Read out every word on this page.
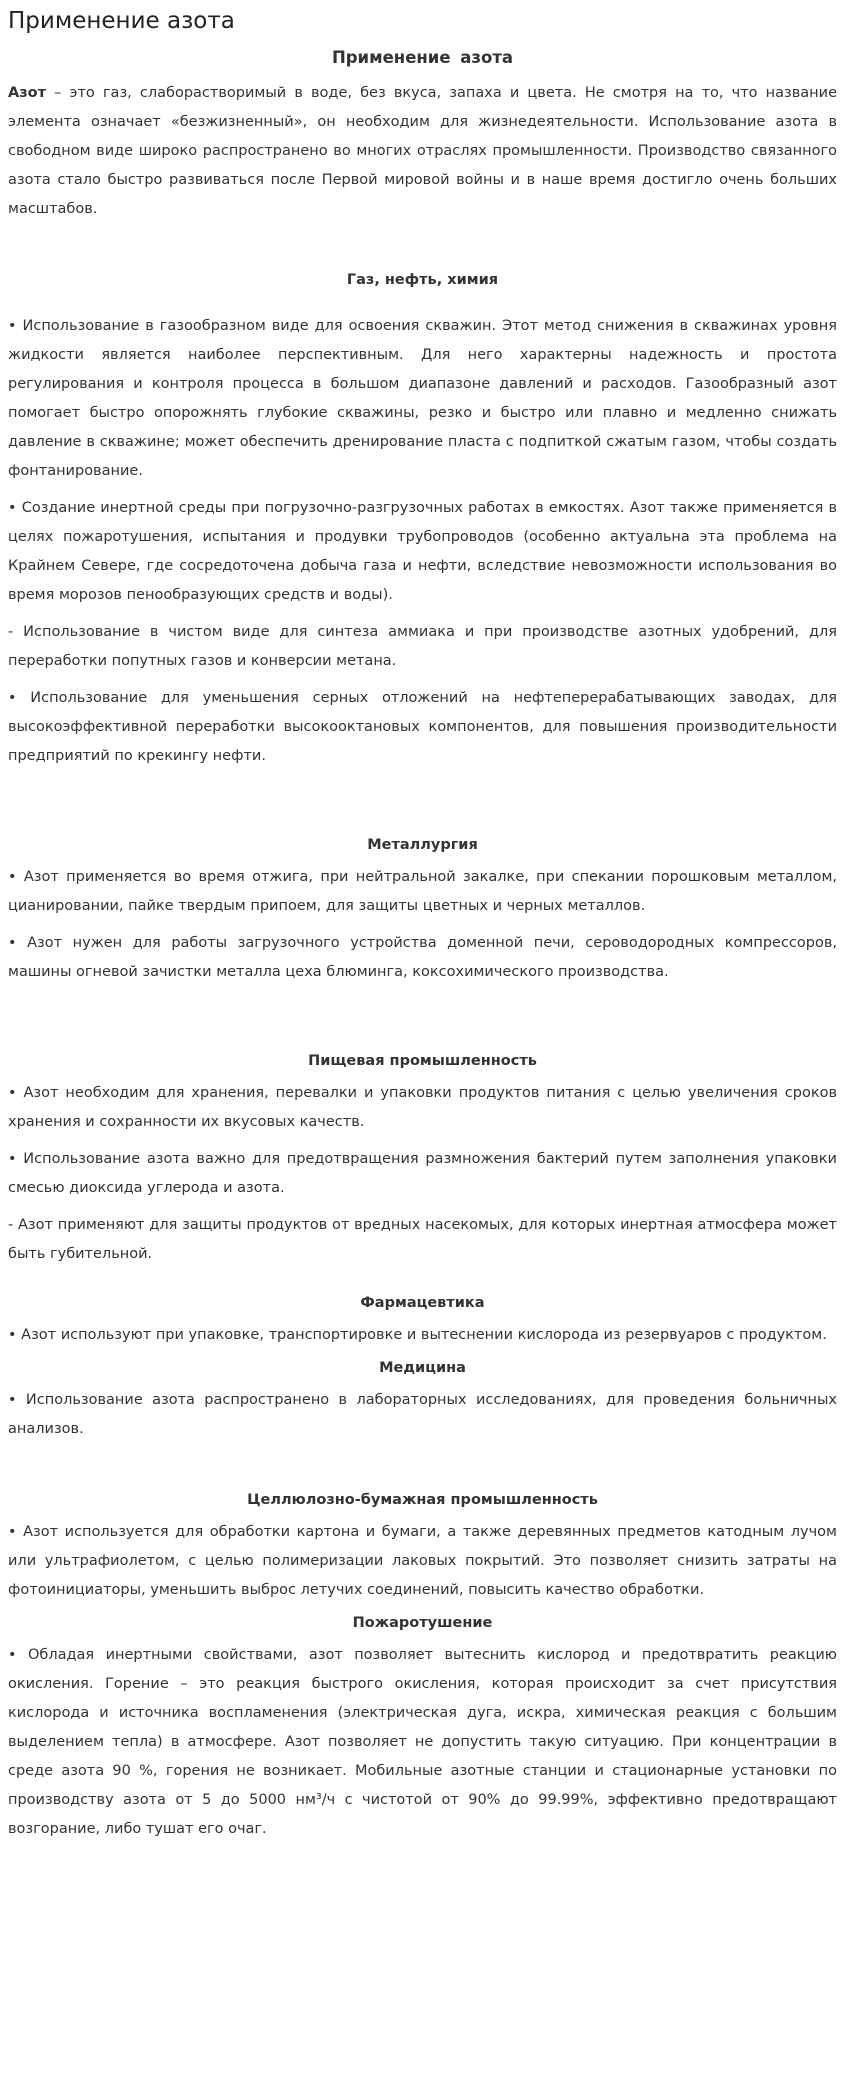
Применение азота
Применение азота

Азот – это газ, слаборастворимый в воде, без вкуса, запаха и цвета. Не смотря на то, что название элемента означает «безжизненный», он необходим для жизнедеятельности. Использование азота в свободном виде широко распространено во многих отраслях промышленности. Производство связанного азота стало быстро развиваться после Первой мировой войны и в наше время достигло очень больших масштабов.

Газ, нефть, химия

• Использование в газообразном виде для освоения скважин. Этот метод снижения в скважинах уровня жидкости является наиболее перспективным. Для него характерны надежность и простота регулирования и контроля процесса в большом диапазоне давлений и расходов. Газообразный азот помогает быстро опорожнять глубокие скважины, резко и быстро или плавно и медленно снижать давление в скважине; может обеспечить дренирование пласта с подпиткой сжатым газом, чтобы создать фонтанирование.

• Создание инертной среды при погрузочно-разгрузочных работах в емкостях. Азот также применяется в целях пожаротушения, испытания и продувки трубопроводов (особенно актуальна эта проблема на Крайнем Севере, где сосредоточена добыча газа и нефти, вследствие невозможности использования во время морозов пенообразующих средств и воды).

- Использование в чистом виде для синтеза аммиака и при производстве азотных удобрений, для переработки попутных газов и конверсии метана.

• Использование для уменьшения серных отложений на нефтеперерабатывающих заводах, для высокоэффективной переработки высокооктановых компонентов, для повышения производительности предприятий по крекингу нефти.

Металлургия

• Азот применяется во время отжига, при нейтральной закалке, при спекании порошковым металлом, цианировании, пайке твердым припоем, для защиты цветных и черных металлов.

• Азот нужен для работы загрузочного устройства доменной печи, сероводородных компрессоров, машины огневой зачистки металла цеха блюминга, коксохимического производства.

Пищевая промышленность

• Азот необходим для хранения, перевалки и упаковки продуктов питания с целью увеличения сроков хранения и сохранности их вкусовых качеств.

• Использование азота важно для предотвращения размножения бактерий путем заполнения упаковки смесью диоксида углерода и азота.

- Азот применяют для защиты продуктов от вредных насекомых, для которых инертная атмосфера может быть губительной.

Фармацевтика

• Азот используют при упаковке, транспортировке и вытеснении кислорода из резервуаров с продуктом.

Медицина

• Использование азота распространено в лабораторных исследованиях, для проведения больничных анализов.

Целлюлозно-бумажная промышленность

• Азот используется для обработки картона и бумаги, а также деревянных предметов катодным лучом или ультрафиолетом, с целью полимеризации лаковых покрытий. Это позволяет снизить затраты на фотоинициаторы, уменьшить выброс летучих соединений, повысить качество обработки.

Пожаротушение

• Обладая инертными свойствами, азот позволяет вытеснить кислород и предотвратить реакцию окисления. Горение – это реакция быстрого окисления, которая происходит за счет присутствия кислорода и источника воспламенения (электрическая дуга, искра, химическая реакция с большим выделением тепла) в атмосфере. Азот позволяет не допустить такую ситуацию. При концентрации в среде азота 90 %, горения не возникает. Мобильные азотные станции и стационарные установки по производству азота от 5 до 5000 нм³/ч с чистотой от 90% до 99.99%, эффективно предотвращают возгорание, либо тушат его очаг.
